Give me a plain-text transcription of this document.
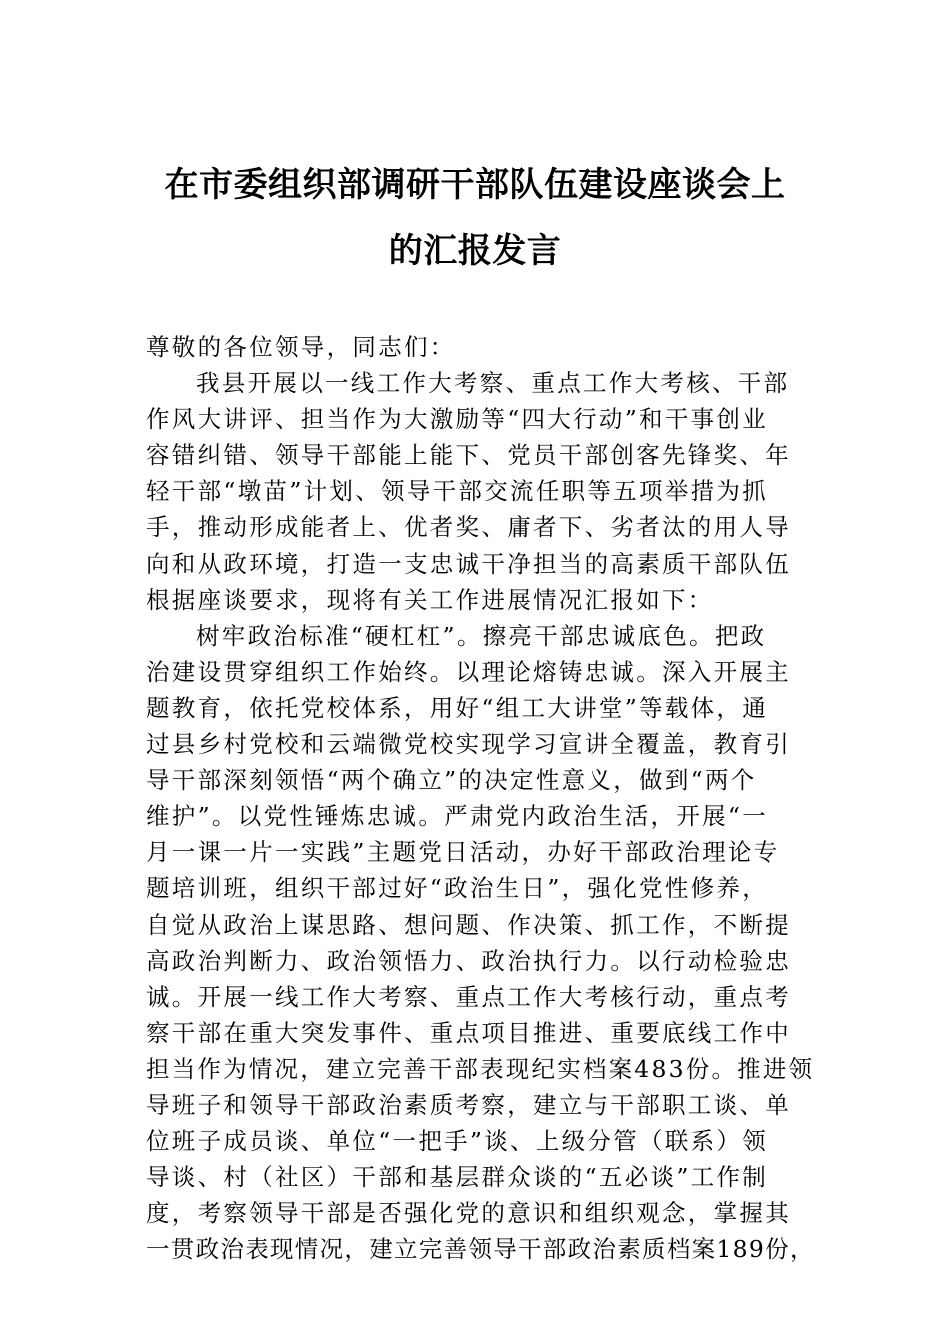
在市委组织部调研干部队伍建设座谈会上
的汇报发言
尊敬的各位领导，同志们：
我县开展以一线工作大考察、重点工作大考核、干部
作风大讲评、担当作为大激励等“四大行动”和干事创业
容错纠错、领导干部能上能下、党员干部创客先锋奖、年
轻干部“墩苗”计划、领导干部交流任职等五项举措为抓
手，推动形成能者上、优者奖、庸者下、劣者汰的用人导
向和从政环境，打造一支忠诚干净担当的高素质干部队伍
根据座谈要求，现将有关工作进展情况汇报如下：
树牢政治标准“硬杠杠”。擦亮干部忠诚底色。把政
治建设贯穿组织工作始终。以理论熔铸忠诚。深入开展主
题教育，依托党校体系，用好“组工大讲堂”等载体，通
过县乡村党校和云端微党校实现学习宣讲全覆盖，教育引
导干部深刻领悟“两个确立”的决定性意义，做到“两个
维护”。以党性锤炼忠诚。严肃党内政治生活，开展“一
月一课一片一实践”主题党日活动，办好干部政治理论专
题培训班，组织干部过好“政治生日”，强化党性修养，
自觉从政治上谋思路、想问题、作决策、抓工作，不断提
高政治判断力、政治领悟力、政治执行力。以行动检验忠
诚。开展一线工作大考察、重点工作大考核行动，重点考
察干部在重大突发事件、重点项目推进、重要底线工作中
担当作为情况，建立完善干部表现纪实档案483份。推进领
导班子和领导干部政治素质考察，建立与干部职工谈、单
位班子成员谈、单位“一把手”谈、上级分管（联系）领
导谈、村（社区）干部和基层群众谈的“五必谈”工作制
度，考察领导干部是否强化党的意识和组织观念，掌握其
一贯政治表现情况，建立完善领导干部政治素质档案189份，
